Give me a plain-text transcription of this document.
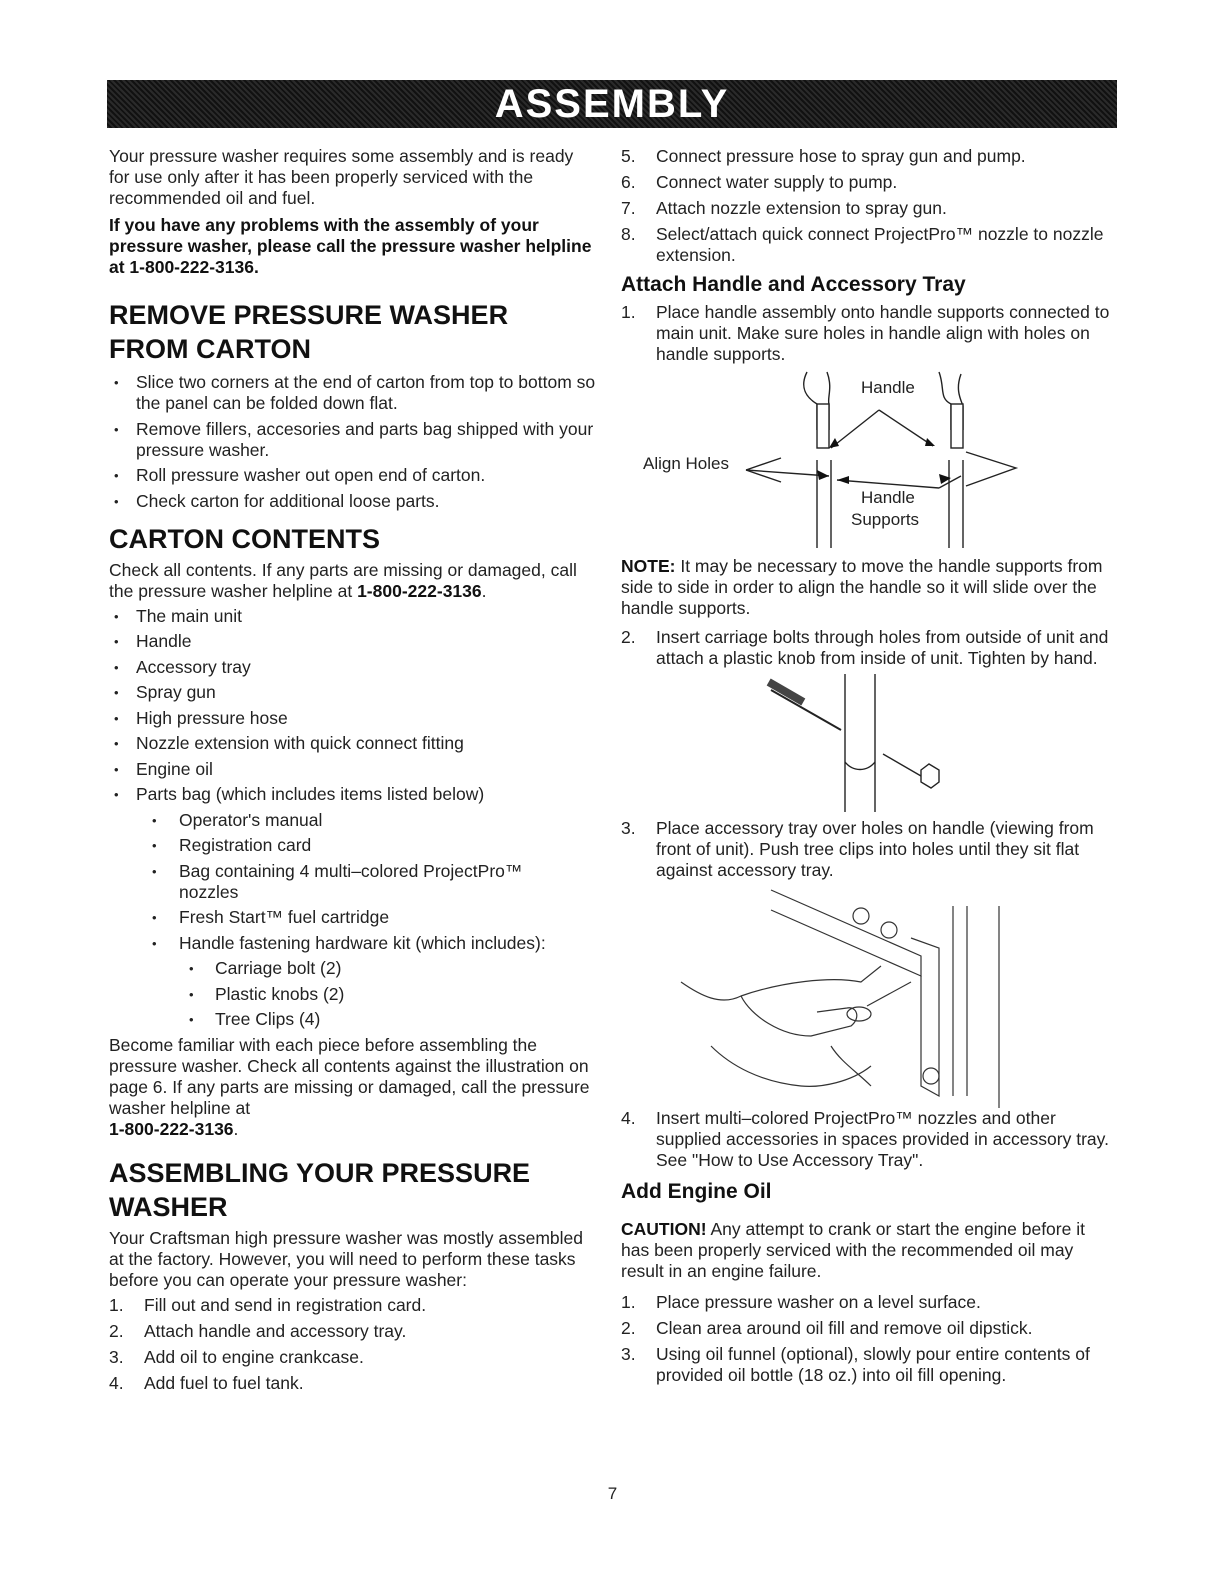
ASSEMBLY

Your pressure washer requires some assembly and is ready for use only after it has been properly serviced with the recommended oil and fuel.

If you have any problems with the assembly of your pressure washer, please call the pressure washer helpline at 1-800-222-3136.

REMOVE PRESSURE WASHER
FROM CARTON
• Slice two corners at the end of carton from top to bottom so the panel can be folded down flat.
• Remove fillers, accesories and parts bag shipped with your pressure washer.
• Roll pressure washer out open end of carton.
• Check carton for additional loose parts.
CARTON CONTENTS

Check all contents. If any parts are missing or damaged, call the pressure washer helpline at 1-800-222-3136.

• The main unit
• Handle
• Accessory tray
• Spray gun
• High pressure hose
• Nozzle extension with quick connect fitting
• Engine oil
• Parts bag (which includes items listed below)
• Operator's manual
• Registration card
• Bag containing 4 multi–colored ProjectPro™ nozzles
• Fresh Start™ fuel cartridge
• Handle fastening hardware kit (which includes):
• Carriage bolt (2)
• Plastic knobs (2)
• Tree Clips (4)

Become familiar with each piece before assembling the pressure washer. Check all contents against the illustration on page 6. If any parts are missing or damaged, call the pressure washer helpline at
1-800-222-3136.

ASSEMBLING YOUR PRESSURE
WASHER

Your Craftsman high pressure washer was mostly assembled at the factory. However, you will need to perform these tasks before you can operate your pressure washer:

1. Fill out and send in registration card.
2. Attach handle and accessory tray.
3. Add oil to engine crankcase.
4. Add fuel to fuel tank.
5. Connect pressure hose to spray gun and pump.
6. Connect water supply to pump.
7. Attach nozzle extension to spray gun.
8. Select/attach quick connect ProjectPro™ nozzle to nozzle extension.
Attach Handle and Accessory Tray
1. Place handle assembly onto handle supports connected to main unit. Make sure holes in handle align with holes on handle supports.
Handle
Align Holes
Handle
Supports

NOTE: It may be necessary to move the handle supports from side to side in order to align the handle so it will slide over the handle supports.

2. Insert carriage bolts through holes from outside of unit and attach a plastic knob from inside of unit. Tighten by hand.
3. Place accessory tray over holes on handle (viewing from front of unit). Push tree clips into holes until they sit flat against accessory tray.
4. Insert multi–colored ProjectPro™ nozzles and other supplied accessories in spaces provided in accessory tray. See "How to Use Accessory Tray".
Add Engine Oil

CAUTION! Any attempt to crank or start the engine before it has been properly serviced with the recommended oil may result in an engine failure.

1. Place pressure washer on a level surface.
2. Clean area around oil fill and remove oil dipstick.
3. Using oil funnel (optional), slowly pour entire contents of provided oil bottle (18 oz.) into oil fill opening.
7
